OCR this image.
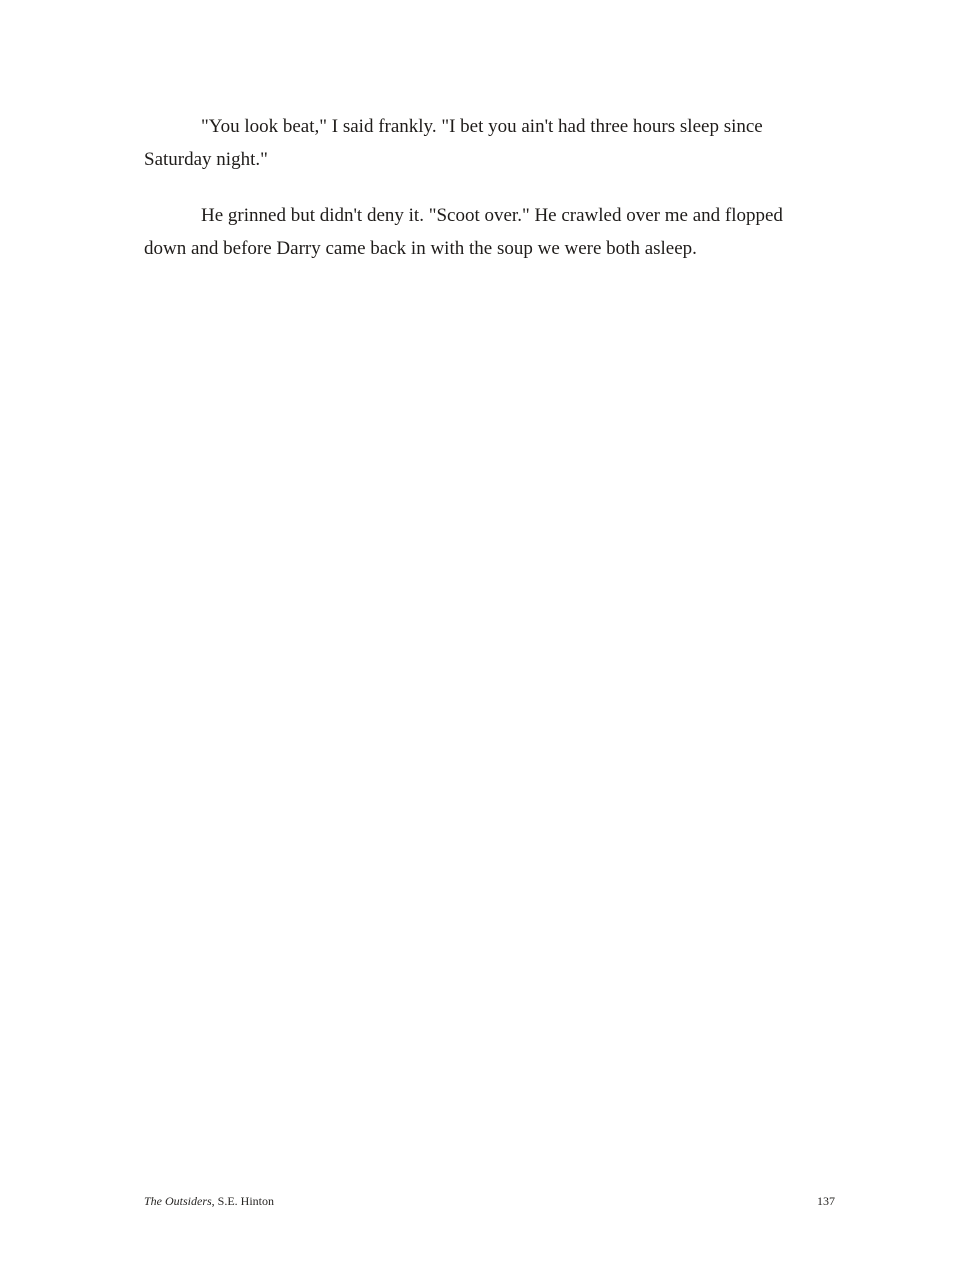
"You look beat," I said frankly. "I bet you ain't had three hours sleep since
Saturday night."
He grinned but didn't deny it. "Scoot over." He crawled over me and flopped
down and before Darry came back in with the soup we were both asleep.
The Outsiders, S.E. Hinton	137
